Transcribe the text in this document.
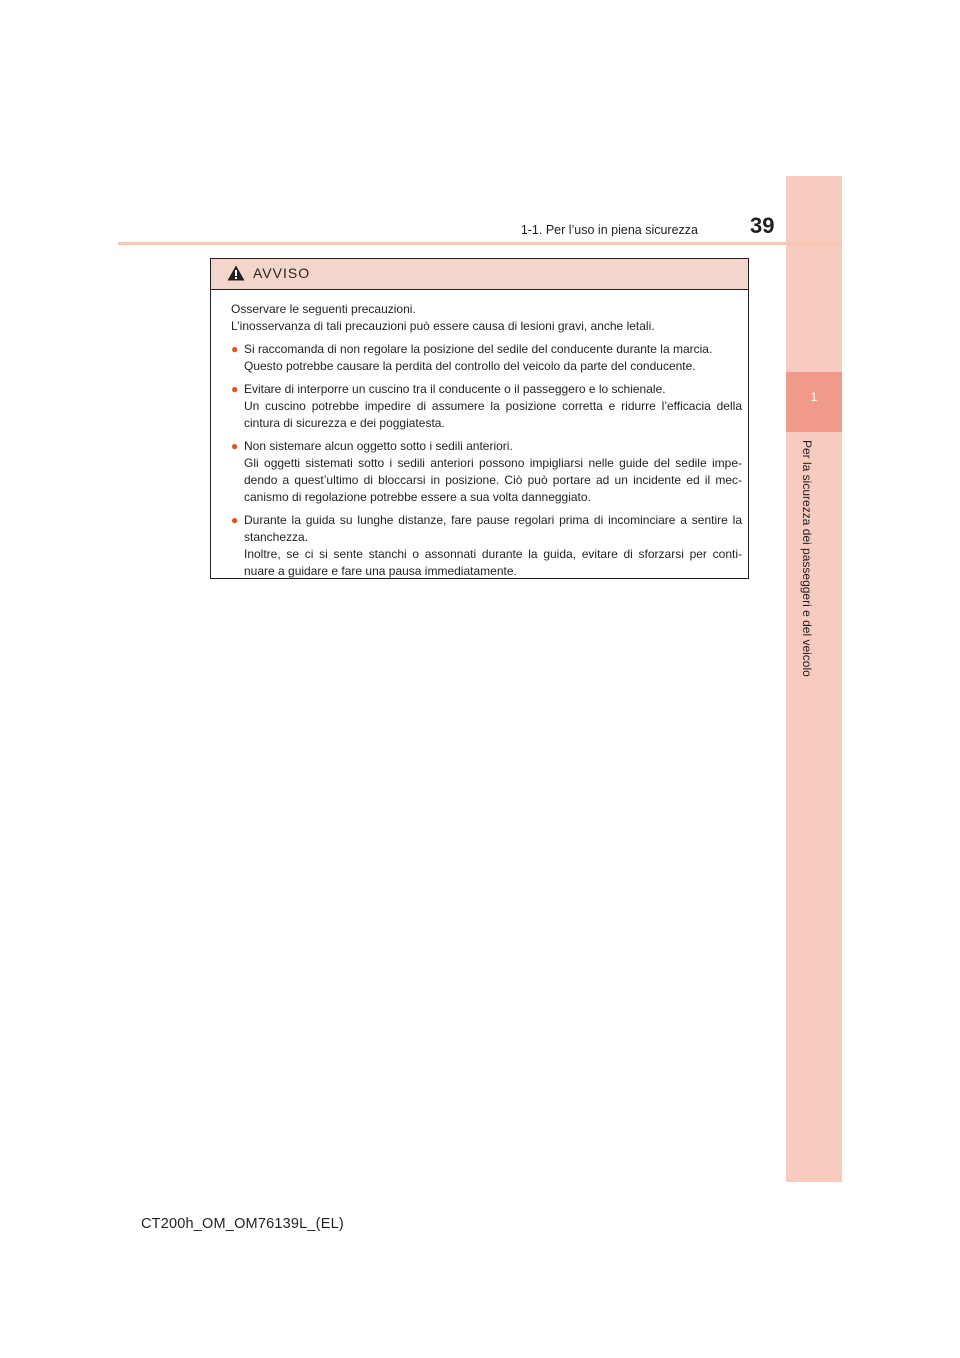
1
Per la sicurezza dei passeggeri e del veicolo
1-1. Per l’uso in piena sicurezza 39
AVVISO
Osservare le seguenti precauzioni.
L’inosservanza di tali precauzioni può essere causa di lesioni gravi, anche letali.
● Si raccomanda di non regolare la posizione del sedile del conducente durante la marcia.
Questo potrebbe causare la perdita del controllo del veicolo da parte del conducente.
● Evitare di interporre un cuscino tra il conducente o il passeggero e lo schienale.
Un cuscino potrebbe impedire di assumere la posizione corretta e ridurre l’efficacia della
cintura di sicurezza e dei poggiatesta.
● Non sistemare alcun oggetto sotto i sedili anteriori.
Gli oggetti sistemati sotto i sedili anteriori possono impigliarsi nelle guide del sedile impe-
dendo a quest’ultimo di bloccarsi in posizione. Ciò può portare ad un incidente ed il mec-
canismo di regolazione potrebbe essere a sua volta danneggiato.
● Durante la guida su lunghe distanze, fare pause regolari prima di incominciare a sentire la
stanchezza.
Inoltre, se ci si sente stanchi o assonnati durante la guida, evitare di sforzarsi per conti-
nuare a guidare e fare una pausa immediatamente.
CT200h_OM_OM76139L_(EL)
